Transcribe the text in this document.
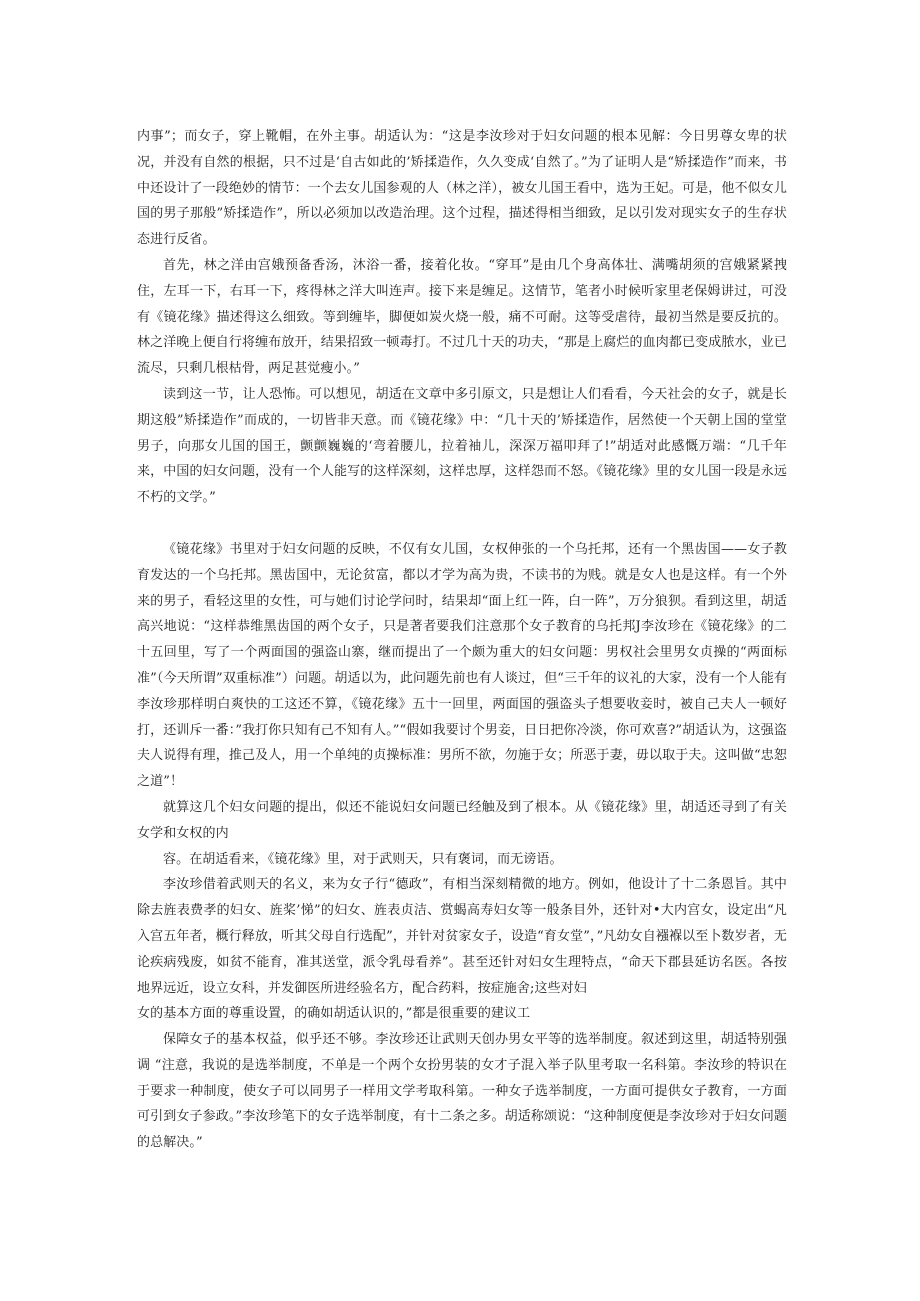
内事”；而女子，穿上靴帽，在外主事。胡适认为：“这是李汝珍对于妇女问题的根本见解：今日男尊女卑的状况，并没有自然的根据，只不过是‘自古如此的’矫揉造作，久久变成‘自然了。”为了证明人是“矫揉造作”而来，书中还设计了一段绝妙的情节：一个去女儿国参观的人（林之洋），被女儿国王看中，选为王妃。可是，他不似女儿国的男子那般”矫揉造作”，所以必须加以改造治理。这个过程，描述得相当细致，足以引发对现实女子的生存状态进行反省。

首先，林之洋由宫娥预备香汤，沐浴一番，接着化妆。“穿耳”是由几个身高体壮、满嘴胡须的宫娥紧紧拽住，左耳一下，右耳一下，疼得林之洋大叫连声。接下来是缠足。这情节，笔者小时候听家里老保姆讲过，可没有《镜花缘》描述得这么细致。等到缠毕，脚便如炭火烧一般，痛不可耐。这等受虐待，最初当然是要反抗的。林之洋晚上便自行将缠布放开，结果招致一顿毒打。不过几十天的功夫，“那是上腐烂的血肉都已变成脓水，业已流尽，只剩几根枯骨，两足甚觉瘦小。”

读到这一节，让人恐怖。可以想见，胡适在文章中多引原文，只是想让人们看看，今天社会的女子，就是长期这般”矫揉造作”而成的，一切皆非天意。而《镜花缘》中：“几十天的’矫揉造作，居然使一个天朝上国的堂堂男子，向那女儿国的国王，颤颤巍巍的‘弯着腰儿，拉着袖儿，深深万福叩拜了!”胡适对此感慨万端：“几千年来，中国的妇女问题，没有一个人能写的这样深刻，这样忠厚，这样怨而不怒。《镜花缘》里的女儿国一段是永远不朽的文学。”

《镜花缘》书里对于妇女问题的反映，不仅有女儿国，女权伸张的一个乌托邦，还有一个黑齿国——女子教育发达的一个乌托邦。黑齿国中，无论贫富，都以才学为高为贵，不读书的为贱。就是女人也是这样。有一个外来的男子，看轻这里的女性，可与她们讨论学问时，结果却“面上红一阵，白一阵”，万分狼狈。看到这里，胡适高兴地说：“这样恭维黑齿国的两个女子，只是著者要我们注意那个女子教育的乌托邦J李汝珍在《镜花缘》的二十五回里，写了一个两面国的强盗山寨，继而提出了一个颇为重大的妇女问题：男权社会里男女贞操的“两面标准”（今天所谓”双重标准”）问题。胡适以为，此问题先前也有人谈过，但“三千年的议礼的大家，没有一个人能有李汝珍那样明白爽快的工这还不算，《镜花缘》五十一回里，两面国的强盗头子想要收妾时，被自己夫人一顿好打，还训斥一番：”我打你只知有己不知有人。”“假如我要讨个男妾，日日把你冷淡，你可欢喜?”胡适认为，这强盗夫人说得有理，推己及人，用一个单纯的贞操标准：男所不欲，勿施于女；所恶于妻，毋以取于夫。这叫做“忠恕之道”！

就算这几个妇女问题的提出，似还不能说妇女问题已经触及到了根本。从《镜花缘》里，胡适还寻到了有关女学和女权的内

容。在胡适看来，《镜花缘》里，对于武则天，只有褒词，而无谤语。

李汝珍借着武则天的名义，来为女子行“德政”，有相当深刻精微的地方。例如，他设计了十二条恩旨。其中除去旌表费孝的妇女、旌桨’悌”的妇女、旌表贞洁、赏蝎高寿妇女等一般条目外，还针对•大内宫女，设定出“凡入宫五年者，概行释放，听其父母自行选配”，并针对贫家女子，设造“育女堂”，”凡幼女自襁褓以至卜数岁者，无论疾病残废，如贫不能育，准其送堂，派令乳母看养”。甚至还针对妇女生理特点，“命天下郡县延访名医。各按地界远近，设立女科，并发御医所进经验名方，配合药料，按症施舍;这些对妇

女的基本方面的尊重设置，的确如胡适认识的，”都是很重要的建议工

保障女子的基本权益，似乎还不够。李汝珍还让武则天创办男女平等的选举制度。叙述到这里，胡适特别强调 “注意，我说的是选举制度，不单是一个两个女扮男装的女才子混入举子队里考取一名科第。李汝珍的特识在于要求一种制度，使女子可以同男子一样用文学考取科第。一种女子选举制度，一方面可提供女子教育，一方面可引到女子参政。”李汝珍笔下的女子选举制度，有十二条之多。胡适称颂说：“这种制度便是李汝珍对于妇女问题的总解决。”
